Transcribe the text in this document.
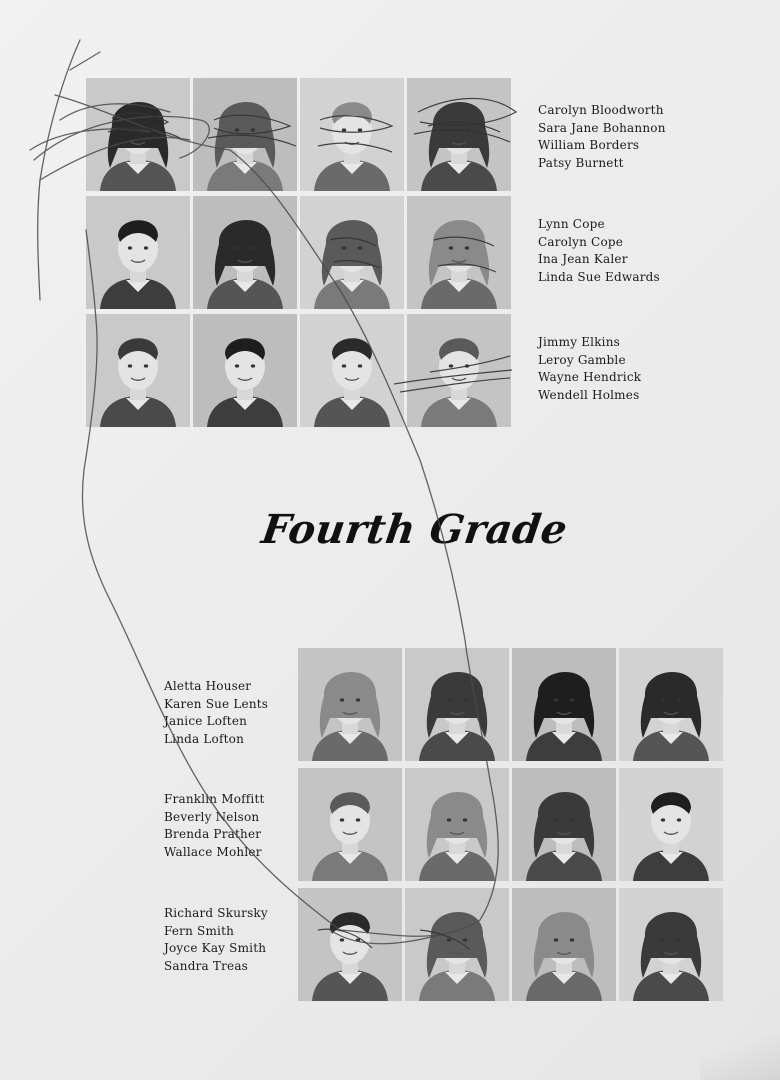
Carolyn Bloodworth
Sara Jane Bohannon
William Borders
Patsy Burnett
Lynn Cope
Carolyn Cope
Ina Jean Kaler
Linda Sue Edwards
Jimmy Elkins
Leroy Gamble
Wayne Hendrick
Wendell Holmes
Fourth Grade
Aletta Houser
Karen Sue Lents
Janice Loften
Linda Lofton
Franklin Moffitt
Beverly Nelson
Brenda Prather
Wallace Mohler
Richard Skursky
Fern Smith
Joyce Kay Smith
Sandra Treas
